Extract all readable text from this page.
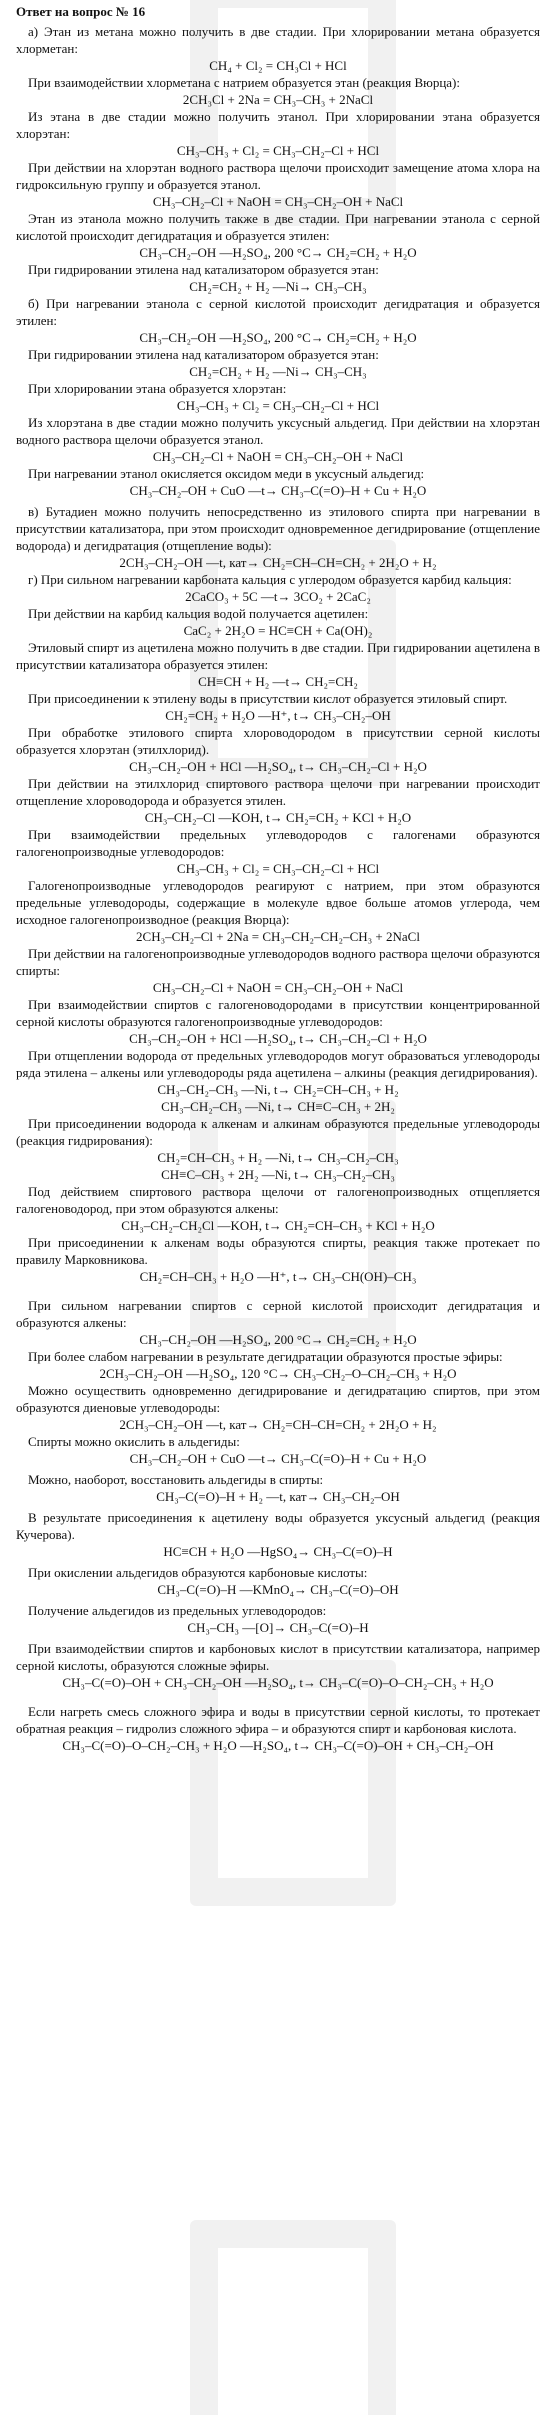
Ответ на вопрос № 16
а) Этан из метана можно получить в две стадии. При хлорировании метана образуется хлорметан:
CH₄ + Cl₂ = CH₃Cl + HCl
При взаимодействии хлорметана с натрием образуется этан (реакция Вюрца):
2CH₃Cl + 2Na = CH₃–CH₃ + 2NaCl
Из этана в две стадии можно получить этанол. При хлорировании этана образуется хлорэтан:
CH₃–CH₃ + Cl₂ = CH₃–CH₂–Cl + HCl
При действии на хлорэтан водного раствора щелочи происходит замещение атома хлора на гидроксильную группу и образуется этанол.
CH₃–CH₂–Cl + NaOH = CH₃–CH₂–OH + NaCl
Этан из этанола можно получить также в две стадии. При нагревании этанола с серной кислотой происходит дегидратация и образуется этилен:
CH₃–CH₂–OH —H₂SO₄, 200 °C→ CH₂=CH₂ + H₂O
При гидрировании этилена над катализатором образуется этан:
CH₂=CH₂ + H₂ —Ni→ CH₃–CH₃
б) При нагревании этанола с серной кислотой происходит дегидратация и образуется этилен:
CH₃–CH₂–OH —H₂SO₄, 200 °C→ CH₂=CH₂ + H₂O
При гидрировании этилена над катализатором образуется этан:
CH₂=CH₂ + H₂ —Ni→ CH₃–CH₃
При хлорировании этана образуется хлорэтан:
CH₃–CH₃ + Cl₂ = CH₃–CH₂–Cl + HCl
Из хлорэтана в две стадии можно получить уксусный альдегид. При действии на хлорэтан водного раствора щелочи образуется этанол.
CH₃–CH₂–Cl + NaOH = CH₃–CH₂–OH + NaCl
При нагревании этанол окисляется оксидом меди в уксусный альдегид:
CH₃–CH₂–OH + CuO —t→ CH₃–C(=O)–H + Cu + H₂O
в) Бутадиен можно получить непосредственно из этилового спирта при нагревании в присутствии катализатора, при этом происходит одновременное дегидрирование (отщепление водорода) и дегидратация (отщепление воды):
2CH₃–CH₂–OH —t, кат→ CH₂=CH–CH=CH₂ + 2H₂O + H₂
г) При сильном нагревании карбоната кальция с углеродом образуется карбид кальция:
2CaCO₃ + 5C —t→ 3CO₂ + 2CaC₂
При действии на карбид кальция водой получается ацетилен:
CaC₂ + 2H₂O = HC≡CH + Ca(OH)₂
Этиловый спирт из ацетилена можно получить в две стадии. При гидрировании ацетилена в присутствии катализатора образуется этилен:
CH≡CH + H₂ —t→ CH₂=CH₂
При присоединении к этилену воды в присутствии кислот образуется этиловый спирт.
CH₂=CH₂ + H₂O —H⁺, t→ CH₃–CH₂–OH
При обработке этилового спирта хлороводородом в присутствии серной кислоты образуется хлорэтан (этилхлорид).
CH₃–CH₂–OH + HCl —H₂SO₄, t→ CH₃–CH₂–Cl + H₂O
При действии на этилхлорид спиртового раствора щелочи при нагревании происходит отщепление хлороводорода и образуется этилен.
CH₃–CH₂–Cl —KOH, t→ CH₂=CH₂ + KCl + H₂O
При взаимодействии предельных углеводородов с галогенами образуются галогенопроизводные углеводородов:
CH₃–CH₃ + Cl₂ = CH₃–CH₂–Cl + HCl
Галогенопроизводные углеводородов реагируют с натрием, при этом образуются предельные углеводороды, содержащие в молекуле вдвое больше атомов углерода, чем исходное галогенопроизводное (реакция Вюрца):
2CH₃–CH₂–Cl + 2Na = CH₃–CH₂–CH₂–CH₃ + 2NaCl
При действии на галогенопроизводные углеводородов водного раствора щелочи образуются спирты:
CH₃–CH₂–Cl + NaOH = CH₃–CH₂–OH + NaCl
При взаимодействии спиртов с галогеноводородами в присутствии концентрированной серной кислоты образуются галогенопроизводные углеводородов:
CH₃–CH₂–OH + HCl —H₂SO₄, t→ CH₃–CH₂–Cl + H₂O
При отщеплении водорода от предельных углеводородов могут образоваться углеводороды ряда этилена – алкены или углеводороды ряда ацетилена – алкины (реакция дегидрирования).
CH₃–CH₂–CH₃ —Ni, t→ CH₂=CH–CH₃ + H₂
CH₃–CH₂–CH₃ —Ni, t→ CH≡C–CH₃ + 2H₂
При присоединении водорода к алкенам и алкинам образуются предельные углеводороды (реакция гидрирования):
CH₂=CH–CH₃ + H₂ —Ni, t→ CH₃–CH₂–CH₃
CH≡C–CH₃ + 2H₂ —Ni, t→ CH₃–CH₂–CH₃
Под действием спиртового раствора щелочи от галогенопроизводных отщепляется галогеноводород, при этом образуются алкены:
CH₃–CH₂–CH₂Cl —KOH, t→ CH₂=CH–CH₃ + KCl + H₂O
При присоединении к алкенам воды образуются спирты, реакция также протекает по правилу Марковникова.
CH₂=CH–CH₃ + H₂O —H⁺, t→ CH₃–CH(OH)–CH₃
При сильном нагревании спиртов с серной кислотой происходит дегидратация и образуются алкены:
CH₃–CH₂–OH —H₂SO₄, 200 °C→ CH₂=CH₂ + H₂O
При более слабом нагревании в результате дегидратации образуются простые эфиры:
2CH₃–CH₂–OH —H₂SO₄, 120 °C→ CH₃–CH₂–O–CH₂–CH₃ + H₂O
Можно осуществить одновременно дегидрирование и дегидратацию спиртов, при этом образуются диеновые углеводороды:
2CH₃–CH₂–OH —t, кат→ CH₂=CH–CH=CH₂ + 2H₂O + H₂
Спирты можно окислить в альдегиды:
CH₃–CH₂–OH + CuO —t→ CH₃–C(=O)–H + Cu + H₂O
Можно, наоборот, восстановить альдегиды в спирты:
CH₃–C(=O)–H + H₂ —t, кат→ CH₃–CH₂–OH
В результате присоединения к ацетилену воды образуется уксусный альдегид (реакция Кучерова).
HC≡CH + H₂O —HgSO₄→ CH₃–C(=O)–H
При окислении альдегидов образуются карбоновые кислоты:
CH₃–C(=O)–H —KMnO₄→ CH₃–C(=O)–OH
Получение альдегидов из предельных углеводородов:
CH₃–CH₃ —[O]→ CH₃–C(=O)–H
При взаимодействии спиртов и карбоновых кислот в присутствии катализатора, например серной кислоты, образуются сложные эфиры.
CH₃–C(=O)–OH + CH₃–CH₂–OH —H₂SO₄, t→ CH₃–C(=O)–O–CH₂–CH₃ + H₂O
Если нагреть смесь сложного эфира и воды в присутствии серной кислоты, то протекает обратная реакция – гидролиз сложного эфира – и образуются спирт и карбоновая кислота.
CH₃–C(=O)–O–CH₂–CH₃ + H₂O —H₂SO₄, t→ CH₃–C(=O)–OH + CH₃–CH₂–OH
